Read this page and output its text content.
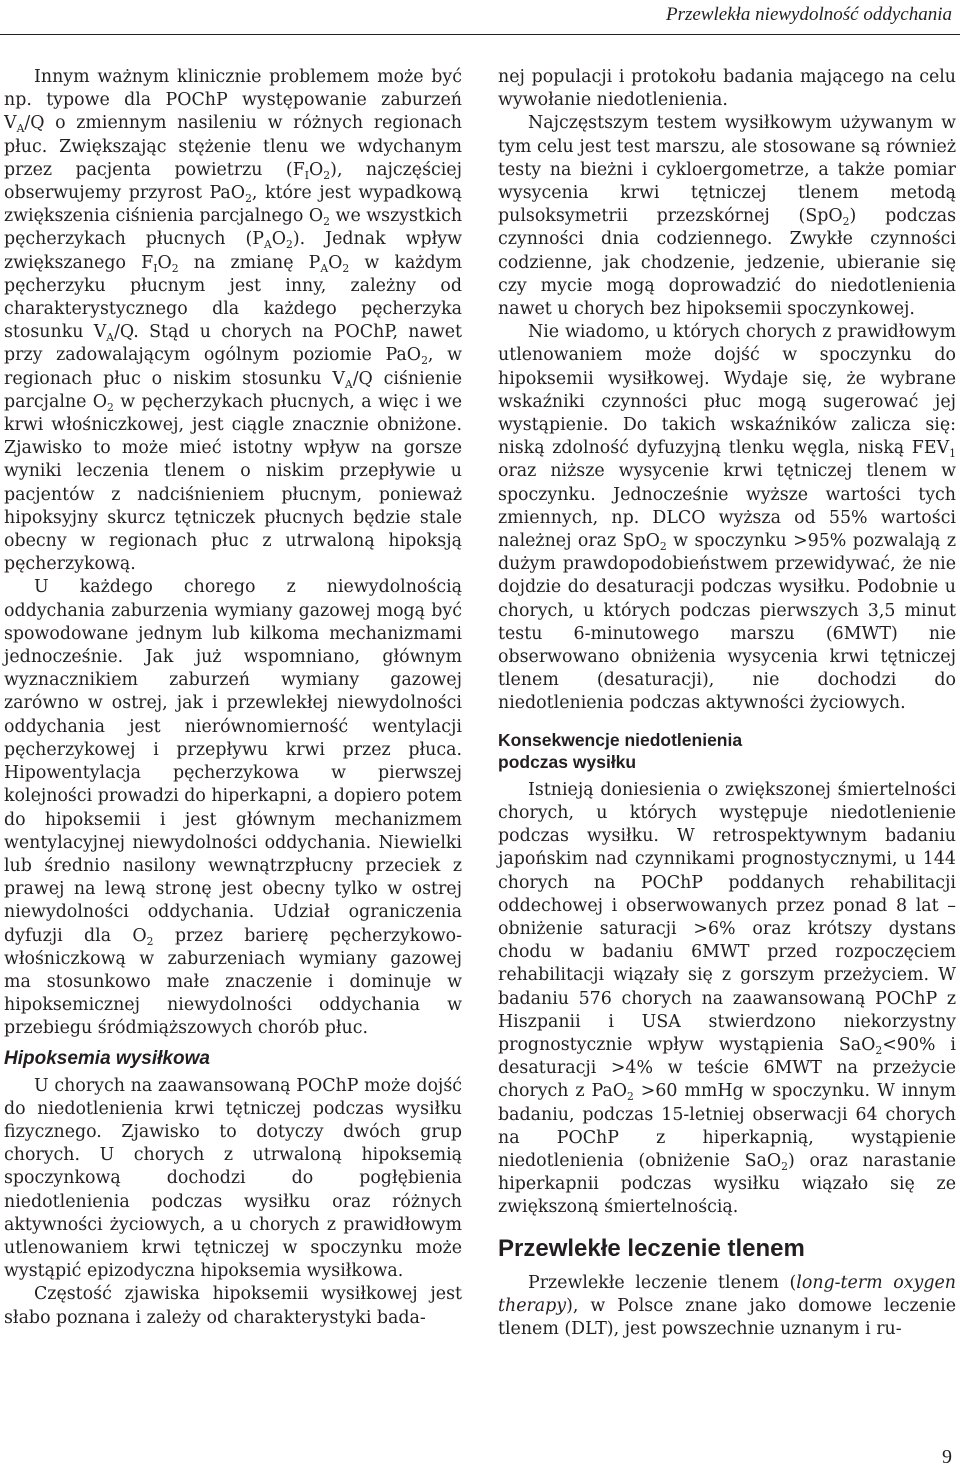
Przewlekła niewydolność oddychania

Innym ważnym klinicznie problemem może być np. typowe dla POChP występowanie zaburzeń $V_A/Q$ o zmiennym nasileniu w różnych regionach płuc. Zwiększając stężenie tlenu we wdychanym przez pacjenta powietrzu $(F_IO_2)$, najczęściej obserwujemy przyrost PaO$_2$, które jest wypadkową zwiększenia ciśnienia parcjalnego $O_2$ we wszystkich pęcherzykach płucnych $(P_AO_2)$. Jednak wpływ zwiększanego $F_IO_2$ na zmianę $P_AO_2$ w każdym pęcherzyku płucnym jest inny, zależny od charakterystycznego dla każdego pęcherzyka stosunku $V_A/Q$. Stąd u chorych na POChP, nawet przy zadowalającym ogólnym poziomie PaO$_2$, w regionach płuc o niskim stosunku $V_A/Q$ ciśnienie parcjalne $O_2$ w pęcherzykach płucnych, a więc i we krwi włośniczkowej, jest ciągle znacznie obniżone. Zjawisko to może mieć istotny wpływ na gorsze wyniki leczenia tlenem o niskim przepływie u pacjentów z nadciśnieniem płucnym, ponieważ hipoksyjny skurcz tętniczek płucnych będzie stale obecny w regionach płuc z utrwaloną hipoksją pęcherzykową.

U każdego chorego z niewydolnością oddychania zaburzenia wymiany gazowej mogą być spowodowane jednym lub kilkoma mechanizmami jednocześnie. Jak już wspomniano, głównym wyznacznikiem zaburzeń wymiany gazowej zarówno w ostrej, jak i przewlekłej niewydolności oddychania jest nierównomierność wentylacji pęcherzykowej i przepływu krwi przez płuca. Hipowentylacja pęcherzykowa w pierwszej kolejności prowadzi do hiperkapni, a dopiero potem do hipoksemii i jest głównym mechanizmem wentylacyjnej niewydolności oddychania. Niewielki lub średnio nasilony wewnątrzpłucny przeciek z prawej na lewą stronę jest obecny tylko w ostrej niewydolności oddychania. Udział ograniczenia dyfuzji dla $O_2$ przez barierę pęcherzykowo-włośniczkową w zaburzeniach wymiany gazowej ma stosunkowo małe znaczenie i dominuje w hipoksemicznej niewydolności oddychania w przebiegu śródmiąższowych chorób płuc.

Hipoksemia wysiłkowa

U chorych na zaawansowaną POChP może dojść do niedotlenienia krwi tętniczej podczas wysiłku fizycznego. Zjawisko to dotyczy dwóch grup chorych. U chorych z utrwaloną hipoksemią spoczynkową dochodzi do pogłębienia niedotlenienia podczas wysiłku oraz różnych aktywności życiowych, a u chorych z prawidłowym utlenowaniem krwi tętniczej w spoczynku może wystąpić epizodyczna hipoksemia wysiłkowa.

Częstość zjawiska hipoksemii wysiłkowej jest słabo poznana i zależy od charakterystyki bada-

nej populacji i protokołu badania mającego na celu wywołanie niedotlenienia.

Najczęstszym testem wysiłkowym używanym w tym celu jest test marszu, ale stosowane są również testy na bieżni i cykloergometrze, a także pomiar wysycenia krwi tętniczej tlenem metodą pulsoksymetrii przezskórnej (SpO$_2$) podczas czynności dnia codziennego. Zwykłe czynności codzienne, jak chodzenie, jedzenie, ubieranie się czy mycie mogą doprowadzić do niedotlenienia nawet u chorych bez hipoksemii spoczynkowej.

Nie wiadomo, u których chorych z prawidłowym utlenowaniem może dojść w spoczynku do hipoksemii wysiłkowej. Wydaje się, że wybrane wskaźniki czynności płuc mogą sugerować jej wystąpienie. Do takich wskaźników zalicza się: niską zdolność dyfuzyjną tlenku węgla, niską $FEV_1$ oraz niższe wysycenie krwi tętniczej tlenem w spoczynku. Jednocześnie wyższe wartości tych zmiennych, np. DLCO wyższa od 55% wartości należnej oraz SpO$_2$ w spoczynku >95% pozwalają z dużym prawdopodobieństwem przewidywać, że nie dojdzie do desaturacji podczas wysiłku. Podobnie u chorych, u których podczas pierwszych 3,5 minut testu 6-minutowego marszu (6MWT) nie obserwowano obniżenia wysycenia krwi tętniczej tlenem (desaturacji), nie dochodzi do niedotlenienia podczas aktywności życiowych.

Konsekwencje niedotlenienia
podczas wysiłku

Istnieją doniesienia o zwiększonej śmiertelności chorych, u których występuje niedotlenienie podczas wysiłku. W retrospektywnym badaniu japońskim nad czynnikami prognostycznymi, u 144 chorych na POChP poddanych rehabilitacji oddechowej i obserwowanych przez ponad 8 lat – obniżenie saturacji >6% oraz krótszy dystans chodu w badaniu 6MWT przed rozpoczęciem rehabilitacji wiązały się z gorszym przeżyciem. W badaniu 576 chorych na zaawansowaną POChP z Hiszpanii i USA stwierdzono niekorzystny prognostycznie wpływ wystąpienia SaO$_2$<90% i desaturacji >4% w teście 6MWT na przeżycie chorych z PaO$_2$ >60 mmHg w spoczynku. W innym badaniu, podczas 15-letniej obserwacji 64 chorych na POChP z hiperkapnią, wystąpienie niedotlenienia (obniżenie SaO$_2$) oraz narastanie hiperkapnii podczas wysiłku wiązało się ze zwiększoną śmiertelnością.

Przewlekłe leczenie tlenem

Przewlekłe leczenie tlenem (long-term oxygen therapy), w Polsce znane jako domowe leczenie tlenem (DLT), jest powszechnie uznanym i ru-

9
